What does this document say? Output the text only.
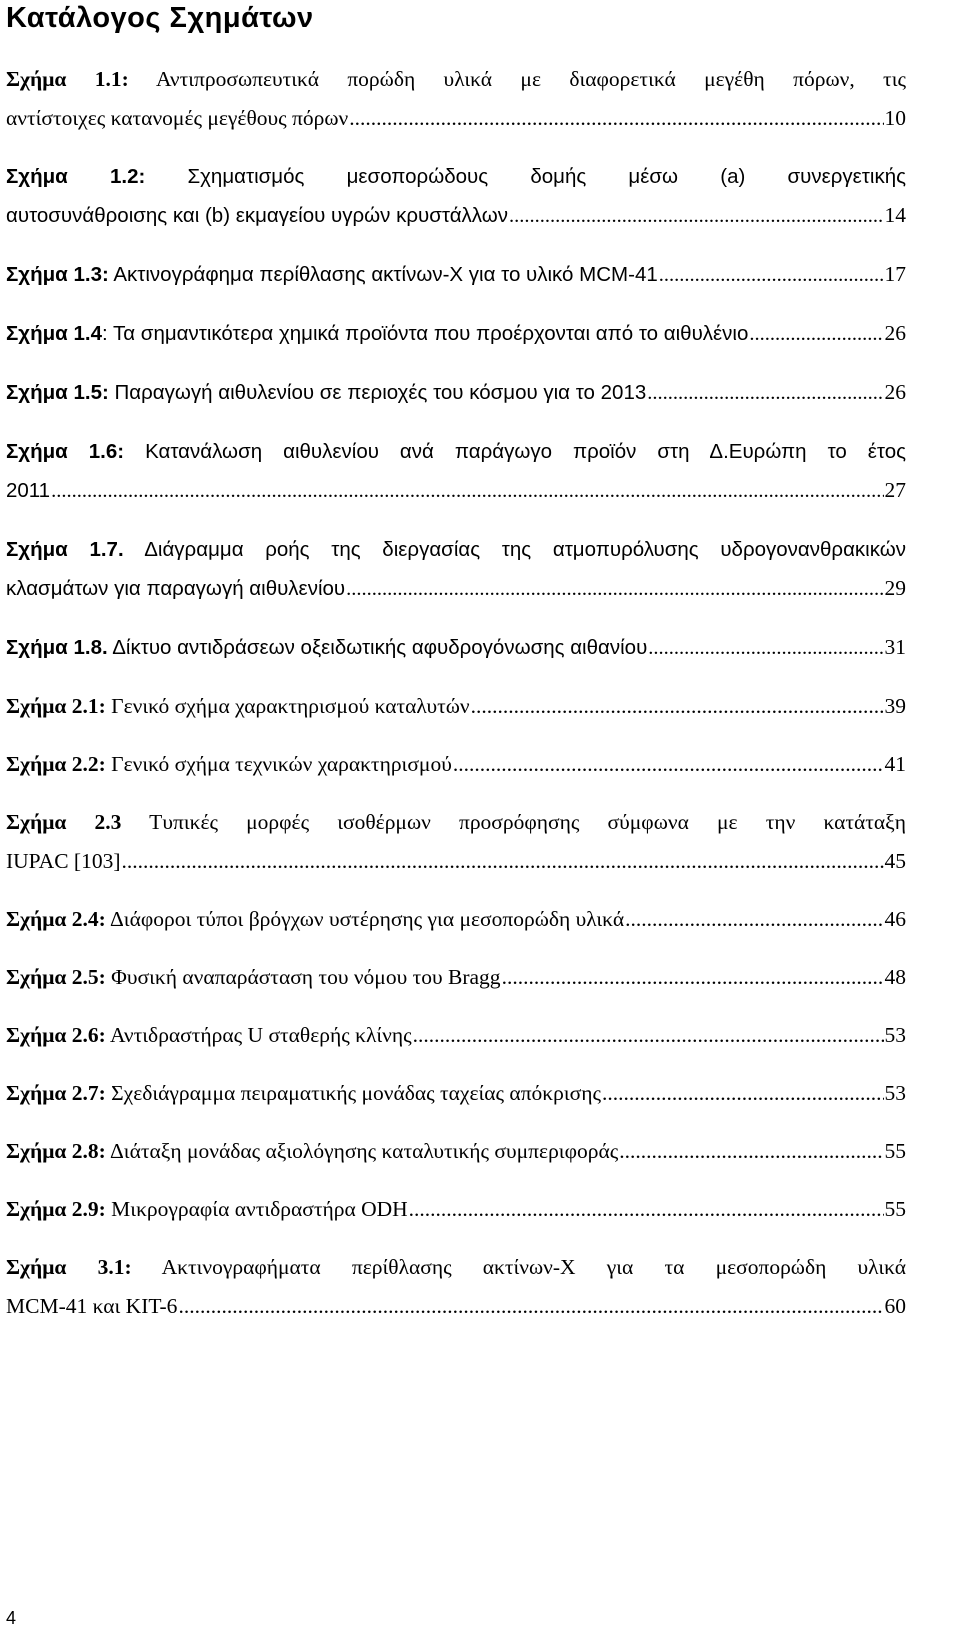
Κατάλογος Σχημάτων
Σχήμα 1.1: Αντιπροσωπευτικά πορώδη υλικά με διαφορετικά μεγέθη πόρων, τις
αντίστοιχες κατανομές μεγέθους πόρων .....	10
Σχήμα 1.2: Σχηματισμός μεσοπορώδους δομής μέσω (a) συνεργετικής
αυτοσυνάθροισης και (b) εκμαγείου υγρών κρυστάλλων .....	14
Σχήμα 1.3: Ακτινογράφημα περίθλασης ακτίνων-X για το υλικό MCM-41 .....	17
Σχήμα 1.4: Τα σημαντικότερα χημικά προϊόντα που προέρχονται από το αιθυλένιο .....	26
Σχήμα 1.5: Παραγωγή αιθυλενίου σε περιοχές του κόσμου για το 2013 .....	26
Σχήμα 1.6: Κατανάλωση αιθυλενίου ανά παράγωγο προϊόν στη Δ.Ευρώπη το έτος
2011 .....	27
Σχήμα 1.7. Διάγραμμα ροής της διεργασίας της ατμοπυρόλυσης υδρογονανθρακικών
κλασμάτων για παραγωγή αιθυλενίου .....	29
Σχήμα 1.8. Δίκτυο αντιδράσεων οξειδωτικής αφυδρογόνωσης αιθανίου .....	31
Σχήμα 2.1: Γενικό σχήμα χαρακτηρισμού καταλυτών .....	39
Σχήμα 2.2: Γενικό σχήμα τεχνικών χαρακτηρισμού .....	41
Σχήμα 2.3 Τυπικές μορφές ισοθέρμων προσρόφησης σύμφωνα με την κατάταξη
IUPAC [103] .....	45
Σχήμα 2.4: Διάφοροι τύποι βρόγχων υστέρησης για μεσοπορώδη υλικά .....	46
Σχήμα 2.5: Φυσική αναπαράσταση του νόμου του Bragg .....	48
Σχήμα 2.6: Αντιδραστήρας U σταθερής κλίνης .....	53
Σχήμα 2.7: Σχεδιάγραμμα πειραματικής μονάδας ταχείας απόκρισης .....	53
Σχήμα 2.8: Διάταξη μονάδας αξιολόγησης καταλυτικής συμπεριφοράς .....	55
Σχήμα 2.9: Μικρογραφία αντιδραστήρα ODH .....	55
Σχήμα 3.1: Ακτινογραφήματα περίθλασης ακτίνων-Χ για τα μεσοπορώδη υλικά
MCM-41 και KIT-6 .....	60
4
